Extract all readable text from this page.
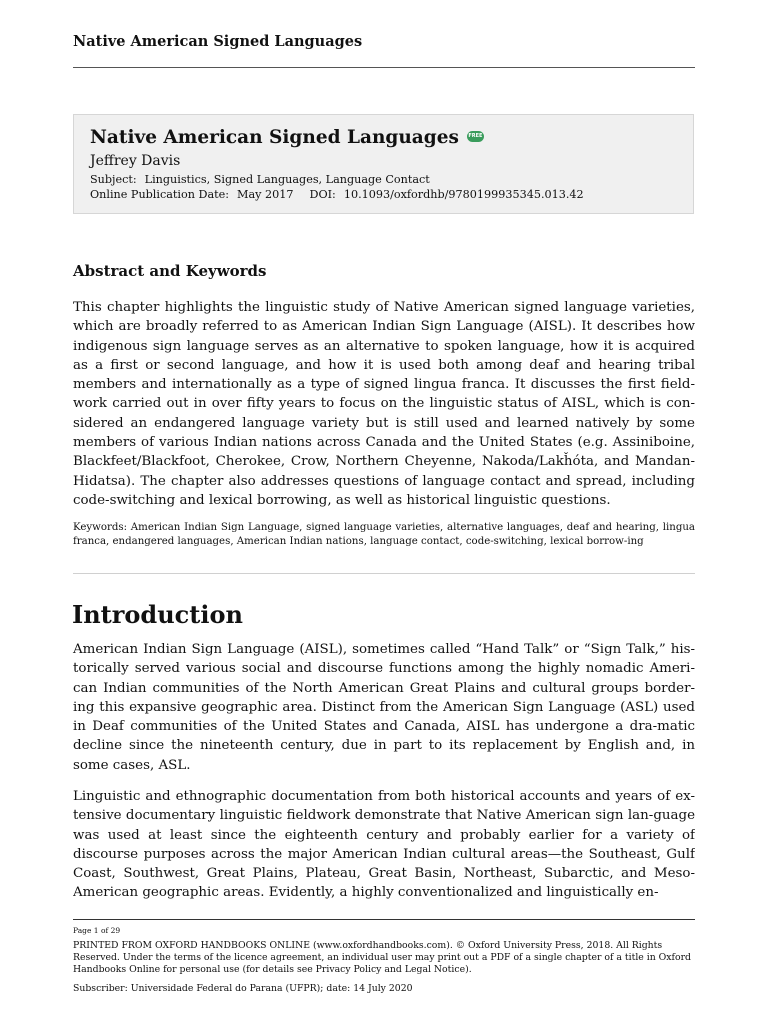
Native American Signed Languages
Native American Signed Languages FREE
Jeffrey Davis
Subject: Linguistics, Signed Languages, Language Contact
Online Publication Date: May 2017 DOI: 10.1093/oxfordhb/9780199935345.013.42
Abstract and Keywords

This chapter highlights the linguistic study of Native American signed language varieties, which are broadly referred to as American Indian Sign Language (AISL). It describes how indigenous sign language serves as an alternative to spoken language, how it is acquired as a first or second language, and how it is used both among deaf and hearing tribal members and internationally as a type of signed lingua franca. It discusses the first field-work carried out in over fifty years to focus on the linguistic status of AISL, which is con-sidered an endangered language variety but is still used and learned natively by some members of various Indian nations across Canada and the United States (e.g. Assiniboine, Blackfeet/Blackfoot, Cherokee, Crow, Northern Cheyenne, Nakoda/Lakȟóta, and Mandan-Hidatsa). The chapter also addresses questions of language contact and spread, including code-switching and lexical borrowing, as well as historical linguistic questions.

Keywords: American Indian Sign Language, signed language varieties, alternative languages, deaf and hearing, lingua franca, endangered languages, American Indian nations, language contact, code-switching, lexical borrow-ing

Introduction

American Indian Sign Language (AISL), sometimes called “Hand Talk” or “Sign Talk,” his-torically served various social and discourse functions among the highly nomadic Ameri-can Indian communities of the North American Great Plains and cultural groups border-ing this expansive geographic area. Distinct from the American Sign Language (ASL) used in Deaf communities of the United States and Canada, AISL has undergone a dra-matic decline since the nineteenth century, due in part to its replacement by English and, in some cases, ASL.

Linguistic and ethnographic documentation from both historical accounts and years of ex-tensive documentary linguistic fieldwork demonstrate that Native American sign lan-guage was used at least since the eighteenth century and probably earlier for a variety of discourse purposes across the major American Indian cultural areas—the Southeast, Gulf Coast, Southwest, Great Plains, Plateau, Great Basin, Northeast, Subarctic, and Meso-American geographic areas. Evidently, a highly conventionalized and linguistically en-

Page 1 of 29

PRINTED FROM OXFORD HANDBOOKS ONLINE (www.oxfordhandbooks.com). © Oxford University Press, 2018. All Rights Reserved. Under the terms of the licence agreement, an individual user may print out a PDF of a single chapter of a title in Oxford Handbooks Online for personal use (for details see Privacy Policy and Legal Notice).

Subscriber: Universidade Federal do Parana (UFPR); date: 14 July 2020
